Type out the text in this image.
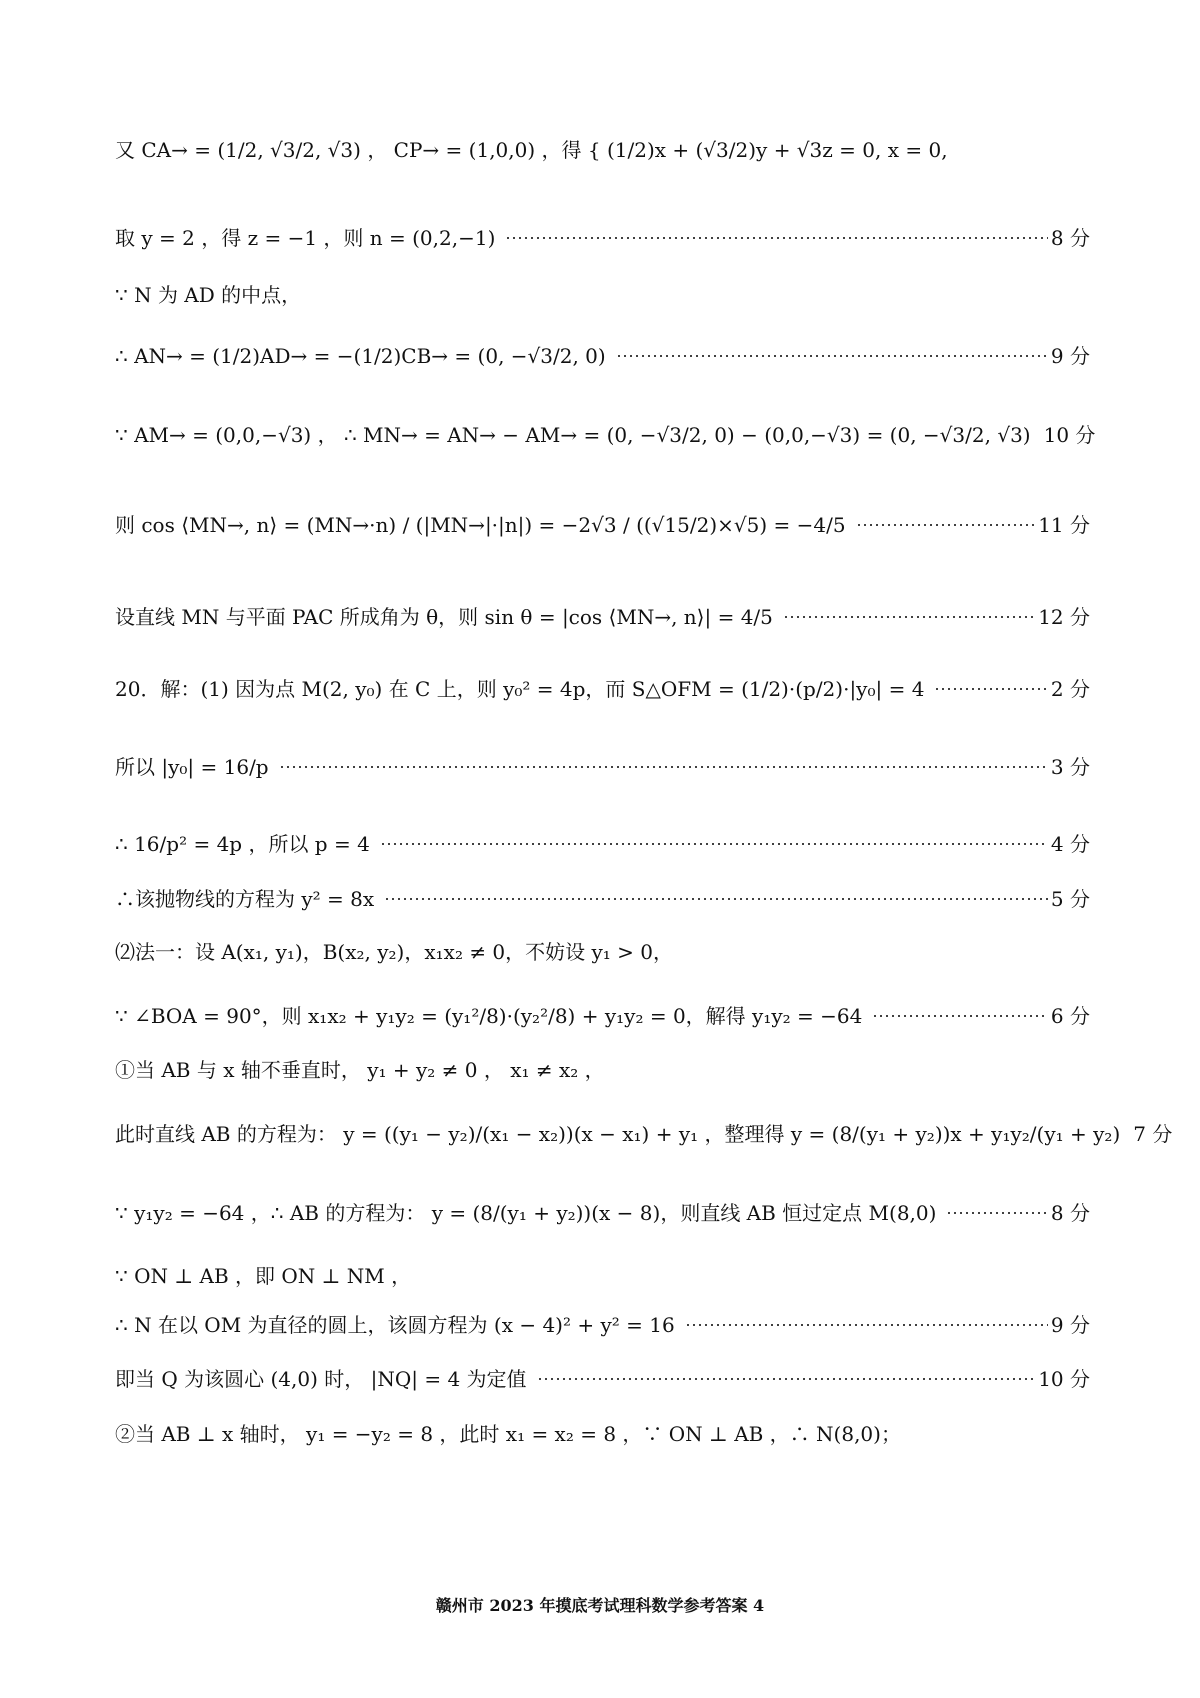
又 CA→ = (1/2, √3/2, √3) ， CP→ = (1,0,0) ，得 { (1/2)x + (√3/2)y + √3z = 0, x = 0,
取 y = 2 ，得 z = −1 ，则 n = (0,2,−1)	8 分
∵ N 为 AD 的中点，
∴ AN→ = (1/2)AD→ = −(1/2)CB→ = (0, −√3/2, 0)	9 分
∵ AM→ = (0,0,−√3) ， ∴ MN→ = AN→ − AM→ = (0, −√3/2, 0) − (0,0,−√3) = (0, −√3/2, √3) 10 分
则 cos ⟨MN→, n⟩ = (MN→·n) / (|MN→|·|n|) = −2√3 / ((√15/2)×√5) = −4/5	11 分
设直线 MN 与平面 PAC 所成角为 θ，则 sin θ = |cos ⟨MN→, n⟩| = 4/5	12 分
20．解：(1) 因为点 M(2, y₀) 在 C 上，则 y₀² = 4p，而 S△OFM = (1/2)·(p/2)·|y₀| = 4	2 分
所以 |y₀| = 16/p	3 分
∴ 16/p² = 4p ，所以 p = 4	4 分
∴该抛物线的方程为 y² = 8x	5 分
⑵法一：设 A(x₁, y₁)，B(x₂, y₂)，x₁x₂ ≠ 0，不妨设 y₁ > 0，
∵ ∠BOA = 90°，则 x₁x₂ + y₁y₂ = (y₁²/8)·(y₂²/8) + y₁y₂ = 0，解得 y₁y₂ = −64	6 分
①当 AB 与 x 轴不垂直时， y₁ + y₂ ≠ 0 ， x₁ ≠ x₂ ，
此时直线 AB 的方程为： y = ((y₁ − y₂)/(x₁ − x₂))(x − x₁) + y₁ ，整理得 y = (8/(y₁ + y₂))x + y₁y₂/(y₁ + y₂) 7 分
∵ y₁y₂ = −64 ，∴ AB 的方程为： y = (8/(y₁ + y₂))(x − 8)，则直线 AB 恒过定点 M(8,0)	8 分
∵ ON ⊥ AB ，即 ON ⊥ NM ，
∴ N 在以 OM 为直径的圆上，该圆方程为 (x − 4)² + y² = 16	9 分
即当 Q 为该圆心 (4,0) 时， |NQ| = 4 为定值	10 分
②当 AB ⊥ x 轴时， y₁ = −y₂ = 8 ，此时 x₁ = x₂ = 8 ，∵ ON ⊥ AB ，∴ N(8,0)；
赣州市 2023 年摸底考试理科数学参考答案 4
